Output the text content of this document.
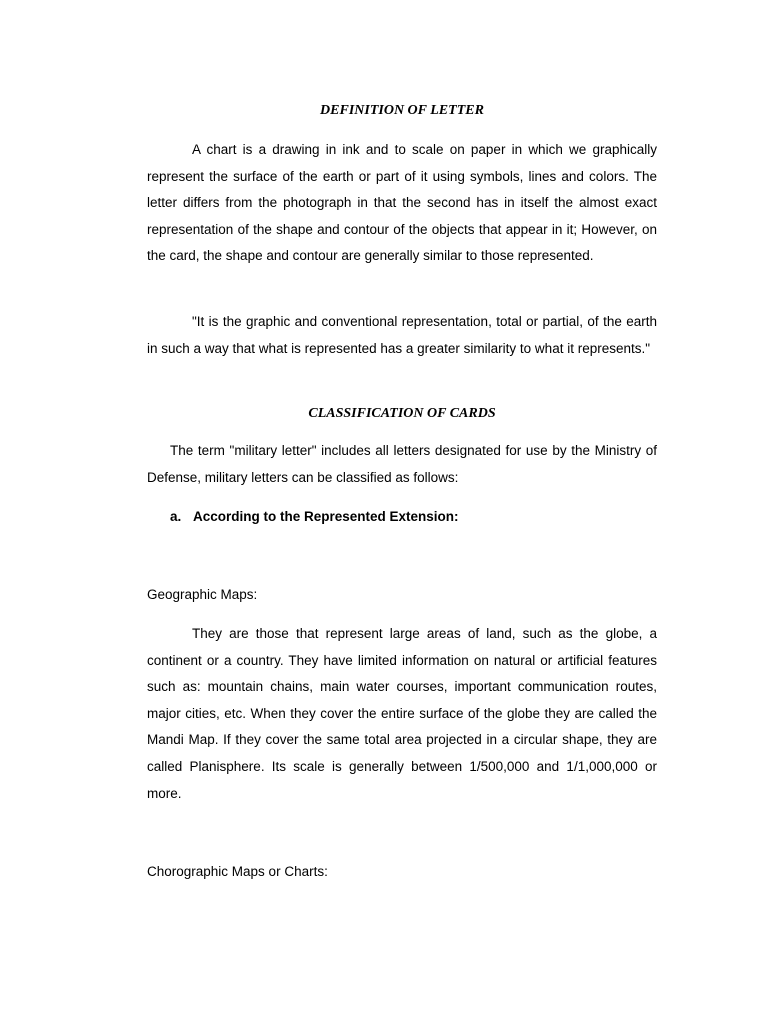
DEFINITION OF LETTER

A chart is a drawing in ink and to scale on paper in which we graphically represent the surface of the earth or part of it using symbols, lines and colors. The letter differs from the photograph in that the second has in itself the almost exact representation of the shape and contour of the objects that appear in it; However, on the card, the shape and contour are generally similar to those represented.

"It is the graphic and conventional representation, total or partial, of the earth in such a way that what is represented has a greater similarity to what it represents."

CLASSIFICATION OF CARDS

The term "military letter" includes all letters designated for use by the Ministry of Defense, military letters can be classified as follows:

a. According to the Represented Extension:

Geographic Maps:

They are those that represent large areas of land, such as the globe, a continent or a country. They have limited information on natural or artificial features such as: mountain chains, main water courses, important communication routes, major cities, etc. When they cover the entire surface of the globe they are called the Mandi Map. If they cover the same total area projected in a circular shape, they are called Planisphere. Its scale is generally between 1/500,000 and 1/1,000,000 or more.

Chorographic Maps or Charts:
